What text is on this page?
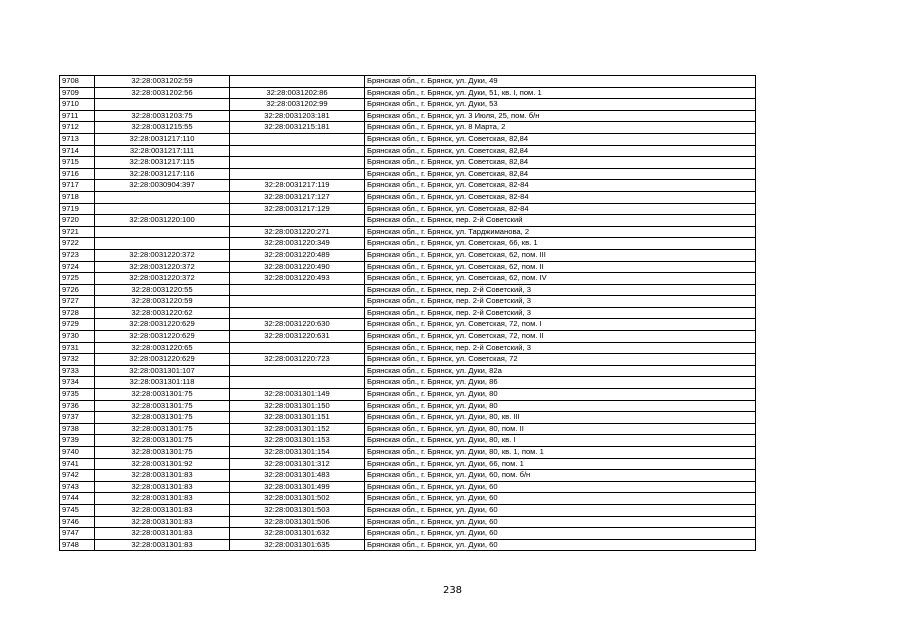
9708	32:28:0031202:59		Брянская обл., г. Брянск, ул. Дуки, 49
9709	32:28:0031202:56	32:28:0031202:86	Брянская обл., г. Брянск, ул. Дуки, 51, кв. I, пом. 1
9710		32:28:0031202:99	Брянская обл., г. Брянск, ул. Дуки, 53
9711	32:28:0031203:75	32:28:0031203:181	Брянская обл., г. Брянск, ул. 3 Июля, 25, пом. б/н
9712	32:28:0031215:55	32:28:0031215:181	Брянская обл., г. Брянск, ул. 8 Марта, 2
9713	32:28:0031217:110		Брянская обл., г. Брянск, ул. Советская, 82,84
9714	32:28:0031217:111		Брянская обл., г. Брянск, ул. Советская, 82,84
9715	32:28:0031217:115		Брянская обл., г. Брянск, ул. Советская, 82,84
9716	32:28:0031217:116		Брянская обл., г. Брянск, ул. Советская, 82,84
9717	32:28:0030904:397	32:28:0031217:119	Брянская обл., г. Брянск, ул. Советская, 82-84
9718		32:28:0031217:127	Брянская обл., г. Брянск, ул. Советская, 82-84
9719		32:28:0031217:129	Брянская обл., г. Брянск, ул. Советская, 82-84
9720	32:28:0031220:100		Брянская обл., г. Брянск, пер. 2-й Советский
9721		32:28:0031220:271	Брянская обл., г. Брянск, ул. Тарджиманова, 2
9722		32:28:0031220:349	Брянская обл., г. Брянск, ул. Советская, 66, кв. 1
9723	32:28:0031220:372	32:28:0031220:489	Брянская обл., г. Брянск, ул. Советская, 62, пом. III
9724	32:28:0031220:372	32:28:0031220:490	Брянская обл., г. Брянск, ул. Советская, 62, пом. II
9725	32:28:0031220:372	32:28:0031220:493	Брянская обл., г. Брянск, ул. Советская, 62, пом. IV
9726	32:28:0031220:55		Брянская обл., г. Брянск, пер. 2-й Советский, 3
9727	32:28:0031220:59		Брянская обл., г. Брянск, пер. 2-й Советский, 3
9728	32:28:0031220:62		Брянская обл., г. Брянск, пер. 2-й Советский, 3
9729	32:28:0031220:629	32:28:0031220:630	Брянская обл., г. Брянск, ул. Советская, 72, пом. I
9730	32:28:0031220:629	32:28:0031220:631	Брянская обл., г. Брянск, ул. Советская, 72, пом. II
9731	32:28:0031220:65		Брянская обл., г. Брянск, пер. 2-й Советский, 3
9732	32:28:0031220:629	32:28:0031220:723	Брянская обл., г. Брянск, ул. Советская, 72
9733	32:28:0031301:107		Брянская обл., г. Брянск, ул. Дуки, 82а
9734	32:28:0031301:118		Брянская обл., г. Брянск, ул. Дуки, 86
9735	32:28:0031301:75	32:28:0031301:149	Брянская обл., г. Брянск, ул. Дуки, 80
9736	32:28:0031301:75	32:28:0031301:150	Брянская обл., г. Брянск, ул. Дуки, 80
9737	32:28:0031301:75	32:28:0031301:151	Брянская обл., г. Брянск, ул. Дуки, 80, кв. III
9738	32:28:0031301:75	32:28:0031301:152	Брянская обл., г. Брянск, ул. Дуки, 80, пом. II
9739	32:28:0031301:75	32:28:0031301:153	Брянская обл., г. Брянск, ул. Дуки, 80, кв. I
9740	32:28:0031301:75	32:28:0031301:154	Брянская обл., г. Брянск, ул. Дуки, 80, кв. 1, пом. 1
9741	32:28:0031301:92	32:28:0031301:312	Брянская обл., г. Брянск, ул. Дуки, 66, пом. 1
9742	32:28:0031301:83	32:28:0031301:483	Брянская обл., г. Брянск, ул. Дуки, 60, пом. б/н
9743	32:28:0031301:83	32:28:0031301:499	Брянская обл., г. Брянск, ул. Дуки, 60
9744	32:28:0031301:83	32:28:0031301:502	Брянская обл., г. Брянск, ул. Дуки, 60
9745	32:28:0031301:83	32:28:0031301:503	Брянская обл., г. Брянск, ул. Дуки, 60
9746	32:28:0031301:83	32:28:0031301:506	Брянская обл., г. Брянск, ул. Дуки, 60
9747	32:28:0031301:83	32:28:0031301:632	Брянская обл., г. Брянск, ул. Дуки, 60
9748	32:28:0031301:83	32:28:0031301:635	Брянская обл., г. Брянск, ул. Дуки, 60
238
